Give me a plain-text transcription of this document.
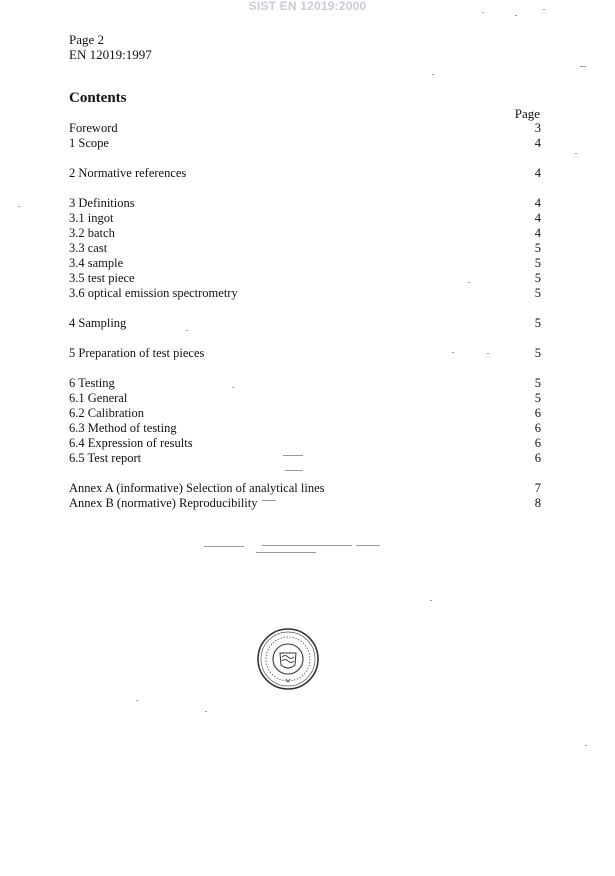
SIST EN 12019:2000
Page 2
EN 12019:1997
Contents
Page
Foreword	3
1 Scope	4
2 Normative references	4
3 Definitions	4
3.1 ingot	4
3.2 batch	4
3.3 cast	5
3.4 sample	5
3.5 test piece	5
3.6 optical emission spectrometry	5
4 Sampling	5
5 Preparation of test pieces	5
6 Testing	5
6.1 General	5
6.2 Calibration	6
6.3 Method of testing	6
6.4 Expression of results	6
6.5 Test report	6
Annex A (informative) Selection of analytical lines	7
Annex B (normative) Reproducibility	8
